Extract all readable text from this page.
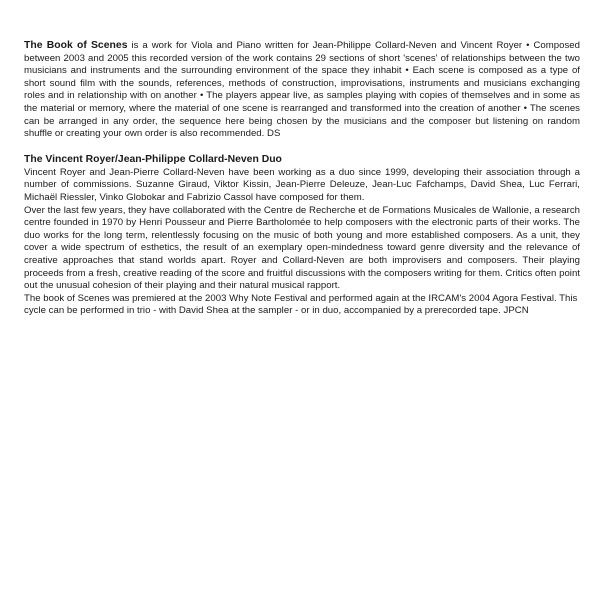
The Book of Scenes is a work for Viola and Piano written for Jean-Philippe Collard-Neven and Vincent Royer • Composed between 2003 and 2005 this recorded version of the work contains 29 sections of short 'scenes' of relationships between the two musicians and instruments and the surrounding environment of the space they inhabit • Each scene is composed as a type of short sound film with the sounds, references, methods of construction, improvisations, instruments and musicians exchanging roles and in relationship with on another • The players appear live, as samples playing with copies of themselves and in some as the material or memory, where the material of one scene is rearranged and transformed into the creation of another • The scenes can be arranged in any order, the sequence here being chosen by the musicians and the composer but listening on random shuffle or creating your own order is also recommended. DS

The Vincent Royer/Jean-Philippe Collard-Neven Duo

Vincent Royer and Jean-Pierre Collard-Neven have been working as a duo since 1999, developing their association through a number of commissions. Suzanne Giraud, Viktor Kissin, Jean-Pierre Deleuze, Jean-Luc Fafchamps, David Shea, Luc Ferrari, Michaël Riessler, Vinko Globokar and Fabrizio Cassol have composed for them.

Over the last few years, they have collaborated with the Centre de Recherche et de Formations Musicales de Wallonie, a research centre founded in 1970 by Henri Pousseur and Pierre Bartholomée to help composers with the electronic parts of their works. The duo works for the long term, relentlessly focusing on the music of both young and more established composers. As a unit, they cover a wide spectrum of esthetics, the result of an exemplary open-mindedness toward genre diversity and the relevance of creative approaches that stand worlds apart. Royer and Collard-Neven are both improvisers and composers. Their playing proceeds from a fresh, creative reading of the score and fruitful discussions with the composers writing for them. Critics often point out the unusual cohesion of their playing and their natural musical rapport.

The book of Scenes was premiered at the 2003 Why Note Festival and performed again at the IRCAM's 2004 Agora Festival. This cycle can be performed in trio - with David Shea at the sampler - or in duo, accompanied by a prerecorded tape. JPCN
